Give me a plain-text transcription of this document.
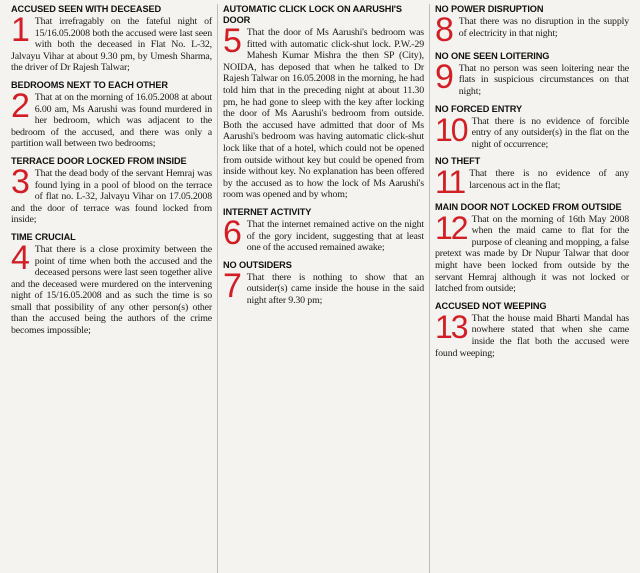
ACCUSED SEEN WITH DECEASED

1 That irrefragably on the fateful night of 15/16.05.2008 both the accused were last seen with both the deceased in Flat No. L-32, Jalvayu Vihar at about 9.30 pm, by Umesh Sharma, the driver of Dr Rajesh Talwar;

BEDROOMS NEXT TO EACH OTHER

2 That at on the morning of 16.05.2008 at about 6.00 am, Ms Aarushi was found murdered in her bedroom, which was adjacent to the bedroom of the accused, and there was only a partition wall between two bedrooms;

TERRACE DOOR LOCKED FROM INSIDE

3 That the dead body of the servant Hemraj was found lying in a pool of blood on the terrace of flat no. L-32, Jalvayu Vihar on 17.05.2008 and the door of terrace was found locked from inside;

TIME CRUCIAL

4 That there is a close proximity between the point of time when both the accused and the deceased persons were last seen together alive and the deceased were murdered on the intervening night of 15/16.05.2008 and as such the time is so small that possibility of any other person(s) other than the accused being the authors of the crime becomes impossible;

AUTOMATIC CLICK LOCK ON AARUSHI'S DOOR

5 That the door of Ms Aarushi's bedroom was fitted with automatic click-shut lock. P.W.-29 Mahesh Kumar Mishra the then SP (City), NOIDA, has deposed that when he talked to Dr Rajesh Talwar on 16.05.2008 in the morning, he had told him that in the preceding night at about 11.30 pm, he had gone to sleep with the key after locking the door of Ms Aarushi's bedroom from outside. Both the accused have admitted that door of Ms Aarushi's bedroom was having automatic click-shut lock like that of a hotel, which could not be opened from outside without key but could be opened from inside without key. No explanation has been offered by the accused as to how the lock of Ms Aarushi's room was opened and by whom;

INTERNET ACTIVITY

6 That the internet remained active on the night of the gory incident, suggesting that at least one of the accused remained awake;

NO OUTSIDERS

7 That there is nothing to show that an outsider(s) came inside the house in the said night after 9.30 pm;

NO POWER DISRUPTION

8 That there was no disruption in the supply of electricity in that night;

NO ONE SEEN LOITERING

9 That no person was seen loitering near the flats in suspicious circumstances on that night;

NO FORCED ENTRY

10 That there is no evidence of forcible entry of any outsider(s) in the flat on the night of occurrence;

NO THEFT

11 That there is no evidence of any larcenous act in the flat;

MAIN DOOR NOT LOCKED FROM OUTSIDE

12 That on the morning of 16th May 2008 when the maid came to flat for the purpose of cleaning and mopping, a false pretext was made by Dr Nupur Talwar that door might have been locked from outside by the servant Hemraj although it was not locked or latched from outside;

ACCUSED NOT WEEPING

13 That the house maid Bharti Mandal has nowhere stated that when she came inside the flat both the accused were found weeping;
